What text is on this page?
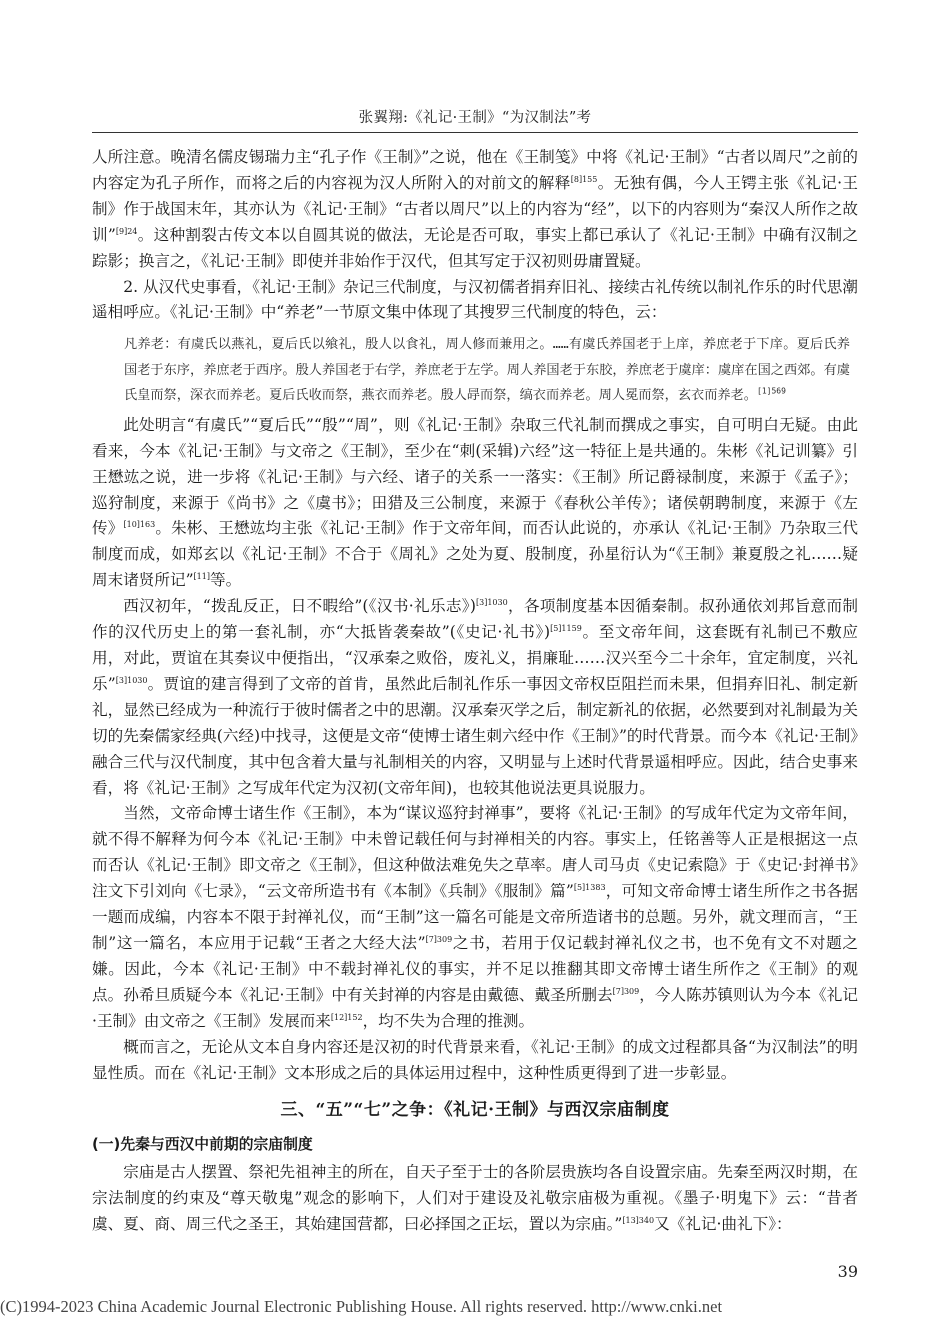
张翼翔:《礼记·王制》“为汉制法”考

人所注意。晚清名儒皮锡瑞力主“孔子作《王制》”之说，他在《王制笺》中将《礼记·王制》“古者以周尺”之前的内容定为孔子所作，而将之后的内容视为汉人所附入的对前文的解释$^{[8]155}$。无独有偶，今人王锷主张《礼记·王制》作于战国末年，其亦认为《礼记·王制》“古者以周尺”以上的内容为“经”，以下的内容则为“秦汉人所作之故训”$^{[9]24}$。这种割裂古传文本以自圆其说的做法，无论是否可取，事实上都已承认了《礼记·王制》中确有汉制之踪影；换言之，《礼记·王制》即使并非始作于汉代，但其写定于汉初则毋庸置疑。

2. 从汉代史事看，《礼记·王制》杂记三代制度，与汉初儒者捐弃旧礼、接续古礼传统以制礼作乐的时代思潮遥相呼应。《礼记·王制》中“养老”一节原文集中体现了其搜罗三代制度的特色，云：

凡养老：有虞氏以燕礼，夏后氏以飨礼，殷人以食礼，周人修而兼用之。……有虞氏养国老于上庠，养庶老于下庠。夏后氏养国老于东序，养庶老于西序。殷人养国老于右学，养庶老于左学。周人养国老于东胶，养庶老于虞庠：虞庠在国之西郊。有虞氏皇而祭，深衣而养老。夏后氏收而祭，燕衣而养老。殷人冔而祭，缟衣而养老。周人冕而祭，玄衣而养老。$^{[1]569}$

此处明言“有虞氏”“夏后氏”“殷”“周”，则《礼记·王制》杂取三代礼制而撰成之事实，自可明白无疑。由此看来，今本《礼记·王制》与文帝之《王制》，至少在“刺(采辑)六经”这一特征上是共通的。朱彬《礼记训纂》引王懋竑之说，进一步将《礼记·王制》与六经、诸子的关系一一落实：《王制》所记爵禄制度，来源于《孟子》；巡狩制度，来源于《尚书》之《虞书》；田猎及三公制度，来源于《春秋公羊传》；诸侯朝聘制度，来源于《左传》$^{[10]163}$。朱彬、王懋竑均主张《礼记·王制》作于文帝年间，而否认此说的，亦承认《礼记·王制》乃杂取三代制度而成，如郑玄以《礼记·王制》不合于《周礼》之处为夏、殷制度，孙星衍认为“《王制》兼夏殷之礼……疑周末诸贤所记”[11]等。

西汉初年，“拨乱反正，日不暇给”(《汉书·礼乐志》)$^{[3]1030}$，各项制度基本因循秦制。叔孙通依刘邦旨意而制作的汉代历史上的第一套礼制，亦“大抵皆袭秦故”(《史记·礼书》)$^{[5]1159}$。至文帝年间，这套既有礼制已不敷应用，对此，贾谊在其奏议中便指出，“汉承秦之败俗，废礼义，捐廉耻……汉兴至今二十余年，宜定制度，兴礼乐”$^{[3]1030}$。贾谊的建言得到了文帝的首肯，虽然此后制礼作乐一事因文帝权臣阻拦而未果，但捐弃旧礼、制定新礼，显然已经成为一种流行于彼时儒者之中的思潮。汉承秦灭学之后，制定新礼的依据，必然要到对礼制最为关切的先秦儒家经典(六经)中找寻，这便是文帝“使博士诸生刺六经中作《王制》”的时代背景。而今本《礼记·王制》融合三代与汉代制度，其中包含着大量与礼制相关的内容，又明显与上述时代背景遥相呼应。因此，结合史事来看，将《礼记·王制》之写成年代定为汉初(文帝年间)，也较其他说法更具说服力。

当然，文帝命博士诸生作《王制》，本为“谋议巡狩封禅事”，要将《礼记·王制》的写成年代定为文帝年间，就不得不解释为何今本《礼记·王制》中未曾记载任何与封禅相关的内容。事实上，任铭善等人正是根据这一点而否认《礼记·王制》即文帝之《王制》，但这种做法难免失之草率。唐人司马贞《史记索隐》于《史记·封禅书》注文下引刘向《七录》，“云文帝所造书有《本制》《兵制》《服制》篇”$^{[5]1383}$，可知文帝命博士诸生所作之书各据一题而成编，内容本不限于封禅礼仪，而“王制”这一篇名可能是文帝所造诸书的总题。另外，就文理而言，“王制”这一篇名，本应用于记载“王者之大经大法”$^{[7]309}$之书，若用于仅记载封禅礼仪之书，也不免有文不对题之嫌。因此，今本《礼记·王制》中不载封禅礼仪的事实，并不足以推翻其即文帝博士诸生所作之《王制》的观点。孙希旦质疑今本《礼记·王制》中有关封禅的内容是由戴德、戴圣所删去$^{[7]309}$，今人陈苏镇则认为今本《礼记·王制》由文帝之《王制》发展而来$^{[12]152}$，均不失为合理的推测。

概而言之，无论从文本自身内容还是汉初的时代背景来看，《礼记·王制》的成文过程都具备“为汉制法”的明显性质。而在《礼记·王制》文本形成之后的具体运用过程中，这种性质更得到了进一步彰显。

三、“五”“七”之争：《礼记·王制》与西汉宗庙制度
(一)先秦与西汉中前期的宗庙制度

宗庙是古人摆置、祭祀先祖神主的所在，自天子至于士的各阶层贵族均各自设置宗庙。先秦至两汉时期，在宗法制度的约束及“尊天敬鬼”观念的影响下，人们对于建设及礼敬宗庙极为重视。《墨子·明鬼下》云：“昔者虞、夏、商、周三代之圣王，其始建国营都，曰必择国之正坛，置以为宗庙。”$^{[13]340}$又《礼记·曲礼下》：

39
(C)1994-2023 China Academic Journal Electronic Publishing House. All rights reserved. http://www.cnki.net
